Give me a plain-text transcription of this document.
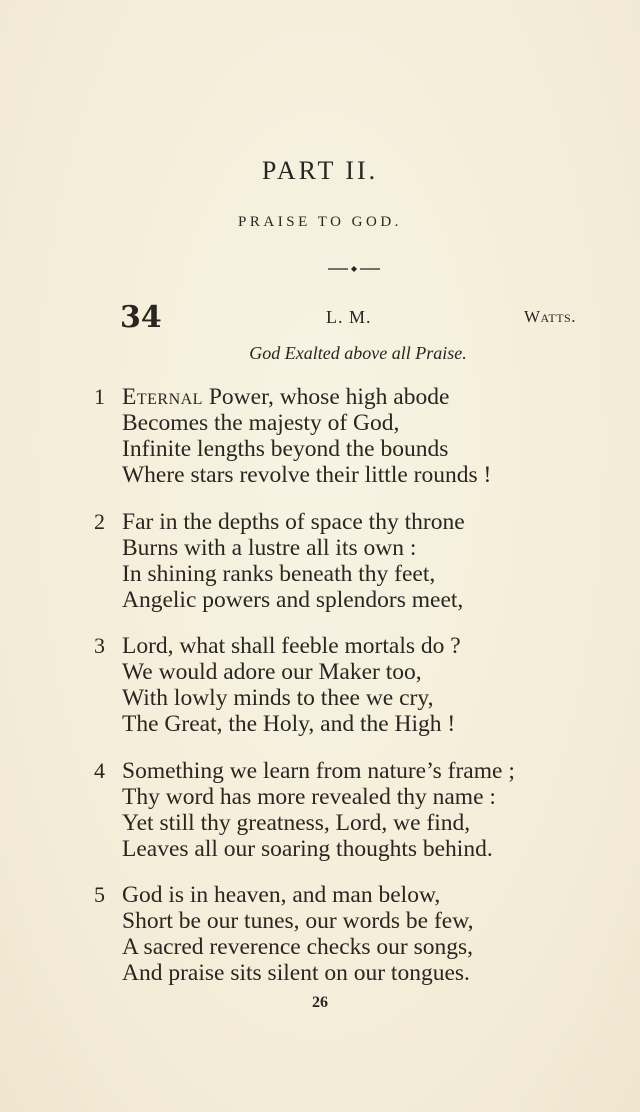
PART II.
PRAISE TO GOD.
34	L. M.	Watts.
God Exalted above all Praise.
1 Eternal Power, whose high abode
Becomes the majesty of God,
Infinite lengths beyond the bounds
Where stars revolve their little rounds !
2 Far in the depths of space thy throne
Burns with a lustre all its own :
In shining ranks beneath thy feet,
Angelic powers and splendors meet,
3 Lord, what shall feeble mortals do ?
We would adore our Maker too,
With lowly minds to thee we cry,
The Great, the Holy, and the High !
4 Something we learn from nature’s frame ;
Thy word has more revealed thy name :
Yet still thy greatness, Lord, we find,
Leaves all our soaring thoughts behind.
5 God is in heaven, and man below,
Short be our tunes, our words be few,
A sacred reverence checks our songs,
And praise sits silent on our tongues.
26
